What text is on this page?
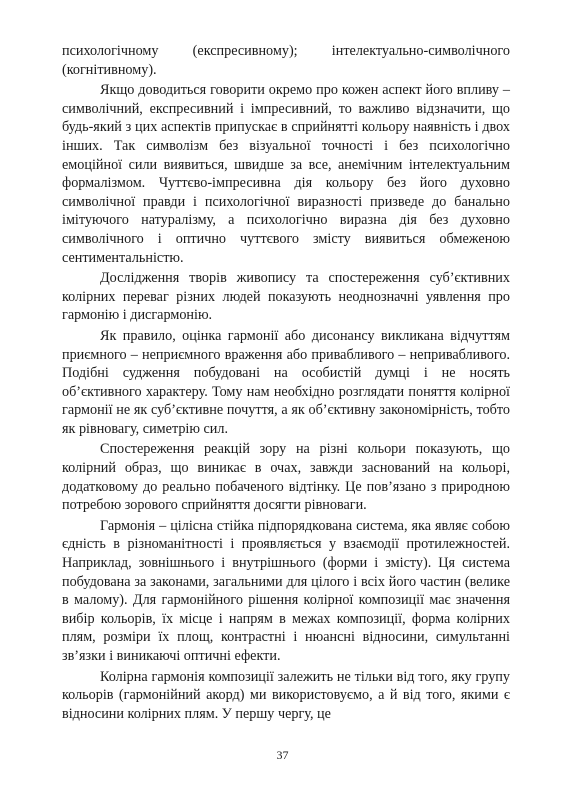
психологічному (експресивному); інтелектуально-символічного (когнітивному).

Якщо доводиться говорити окремо про кожен аспект його впливу – символічний, експресивний і імпресивний, то важливо відзначити, що будь-який з цих аспектів припускає в сприйнятті кольору наявність і двох інших. Так символізм без візуальної точності і без психологічно емоційної сили виявиться, швидше за все, анемічним інтелектуальним формалізмом. Чуттєво-імпресивна дія кольору без його духовно символічної правди і психологічної виразності призведе до банально імітуючого натуралізму, а психологічно виразна дія без духовно символічного і оптично чуттєвого змісту виявиться обмеженою сентиментальністю.

Дослідження творів живопису та спостереження суб’єктивних колірних переваг різних людей показують неоднозначні уявлення про гармонію і дисгармонію.

Як правило, оцінка гармонії або дисонансу викликана відчуттям приємного – неприємного враження або привабливого – непривабливого. Подібні судження побудовані на особистій думці і не носять об’єктивного характеру. Тому нам необхідно розглядати поняття колірної гармонії не як суб’єктивне почуття, а як об’єктивну закономірність, тобто як рівновагу, симетрію сил.

Спостереження реакцій зору на різні кольори показують, що колірний образ, що виникає в очах, завжди заснований на кольорі, додатковому до реально побаченого відтінку. Це пов’язано з природною потребою зорового сприйняття досягти рівноваги.

Гармонія – цілісна стійка підпорядкована система, яка являє собою єдність в різноманітності і проявляється у взаємодії протилежностей. Наприклад, зовнішнього і внутрішнього (форми і змісту). Ця система побудована за законами, загальними для цілого і всіх його частин (велике в малому). Для гармонійного рішення колірної композиції має значення вибір кольорів, їх місце і напрям в межах композиції, форма колірних плям, розміри їх площ, контрастні і нюансні відносини, симультанні зв’язки і виникаючі оптичні ефекти.

Колірна гармонія композиції залежить не тільки від того, яку групу кольорів (гармонійний акорд) ми використовуємо, а й від того, якими є відносини колірних плям. У першу чергу, це

37
